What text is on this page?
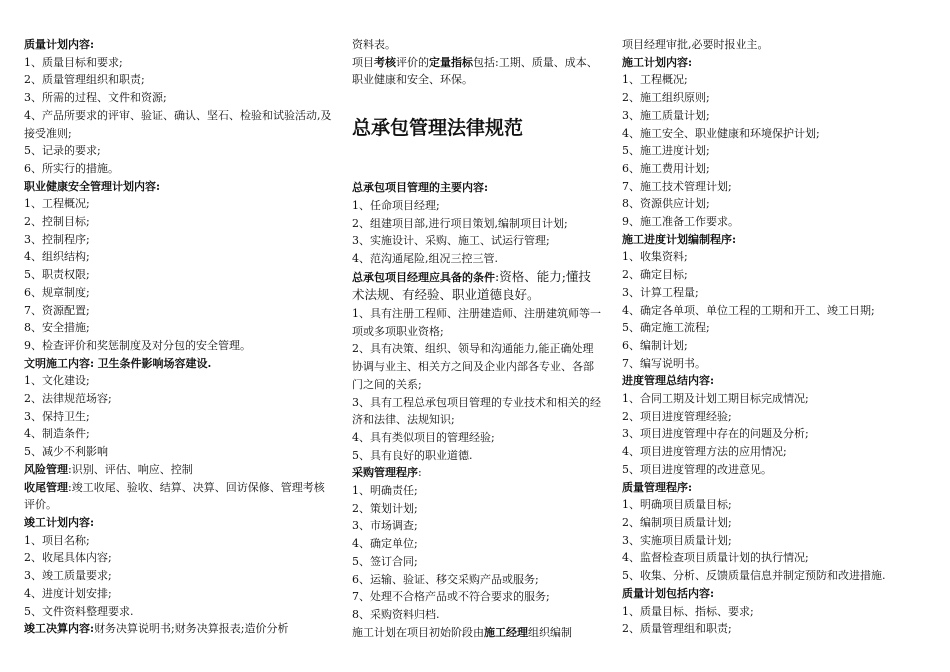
质量计划内容:
1、质量目标和要求;
2、质量管理组织和职责;
3、所需的过程、文件和资源;
4、产品所要求的评审、验证、确认、坚石、检验和试验活动,及接受准则;
5、记录的要求;
6、所实行的措施。
职业健康安全管理计划内容:
1、工程概况;
2、控制目标;
3、控制程序;
4、组织结构;
5、职责权限;
6、规章制度;
7、资源配置;
8、安全措施;
9、检查评价和奖惩制度及对分包的安全管理。
文明施工内容: 卫生条件影响场容建设.
1、文化建设;
2、法律规范场容;
3、保持卫生;
4、制造条件;
5、减少不利影响
风险管理:识别、评估、响应、控制
收尾管理:竣工收尾、验收、结算、决算、回访保修、管理考核评价。
竣工计划内容:
1、项目名称;
2、收尾具体内容;
3、竣工质量要求;
4、进度计划安排;
5、文件资料整理要求.
竣工决算内容:财务决算说明书;财务决算报表;造价分析
资料表。
项目考核评价的定量指标包括:工期、质量、成本、职业健康和安全、环保。
总承包管理法律规范
总承包项目管理的主要内容:
1、任命项目经理;
2、组建项目部,进行项目策划,编制项目计划;
3、实施设计、采购、施工、试运行管理;
4、范沟通尾险,组况三控三管.
总承包项目经理应具备的条件:资格、能力;懂技术法规、有经验、职业道德良好。
1、具有注册工程师、注册建造师、注册建筑师等一项或多项职业资格;
2、具有决策、组织、领导和沟通能力,能正确处理协调与业主、相关方之间及企业内部各专业、各部门之间的关系;
3、具有工程总承包项目管理的专业技术和相关的经济和法律、法规知识;
4、具有类似项目的管理经验;
5、具有良好的职业道德.
采购管理程序:
1、明确责任;
2、策划计划;
3、市场调查;
4、确定单位;
5、签订合同;
6、运输、验证、移交采购产品或服务;
7、处理不合格产品或不符合要求的服务;
8、采购资料归档.
施工计划在项目初始阶段由施工经理组织编制
项目经理审批,必要时报业主。
施工计划内容:
1、工程概况;
2、施工组织原则;
3、施工质量计划;
4、施工安全、职业健康和环境保护计划;
5、施工进度计划;
6、施工费用计划;
7、施工技术管理计划;
8、资源供应计划;
9、施工准备工作要求。
施工进度计划编制程序:
1、收集资料;
2、确定目标;
3、计算工程量;
4、确定各单项、单位工程的工期和开工、竣工日期;
5、确定施工流程;
6、编制计划;
7、编写说明书。
进度管理总结内容:
1、合同工期及计划工期目标完成情况;
2、项目进度管理经验;
3、项目进度管理中存在的问题及分析;
4、项目进度管理方法的应用情况;
5、项目进度管理的改进意见。
质量管理程序:
1、明确项目质量目标;
2、编制项目质量计划;
3、实施项目质量计划;
4、监督检查项目质量计划的执行情况;
5、收集、分析、反馈质量信息并制定预防和改进措施.
质量计划包括内容:
1、质量目标、指标、要求;
2、质量管理组和职责;
